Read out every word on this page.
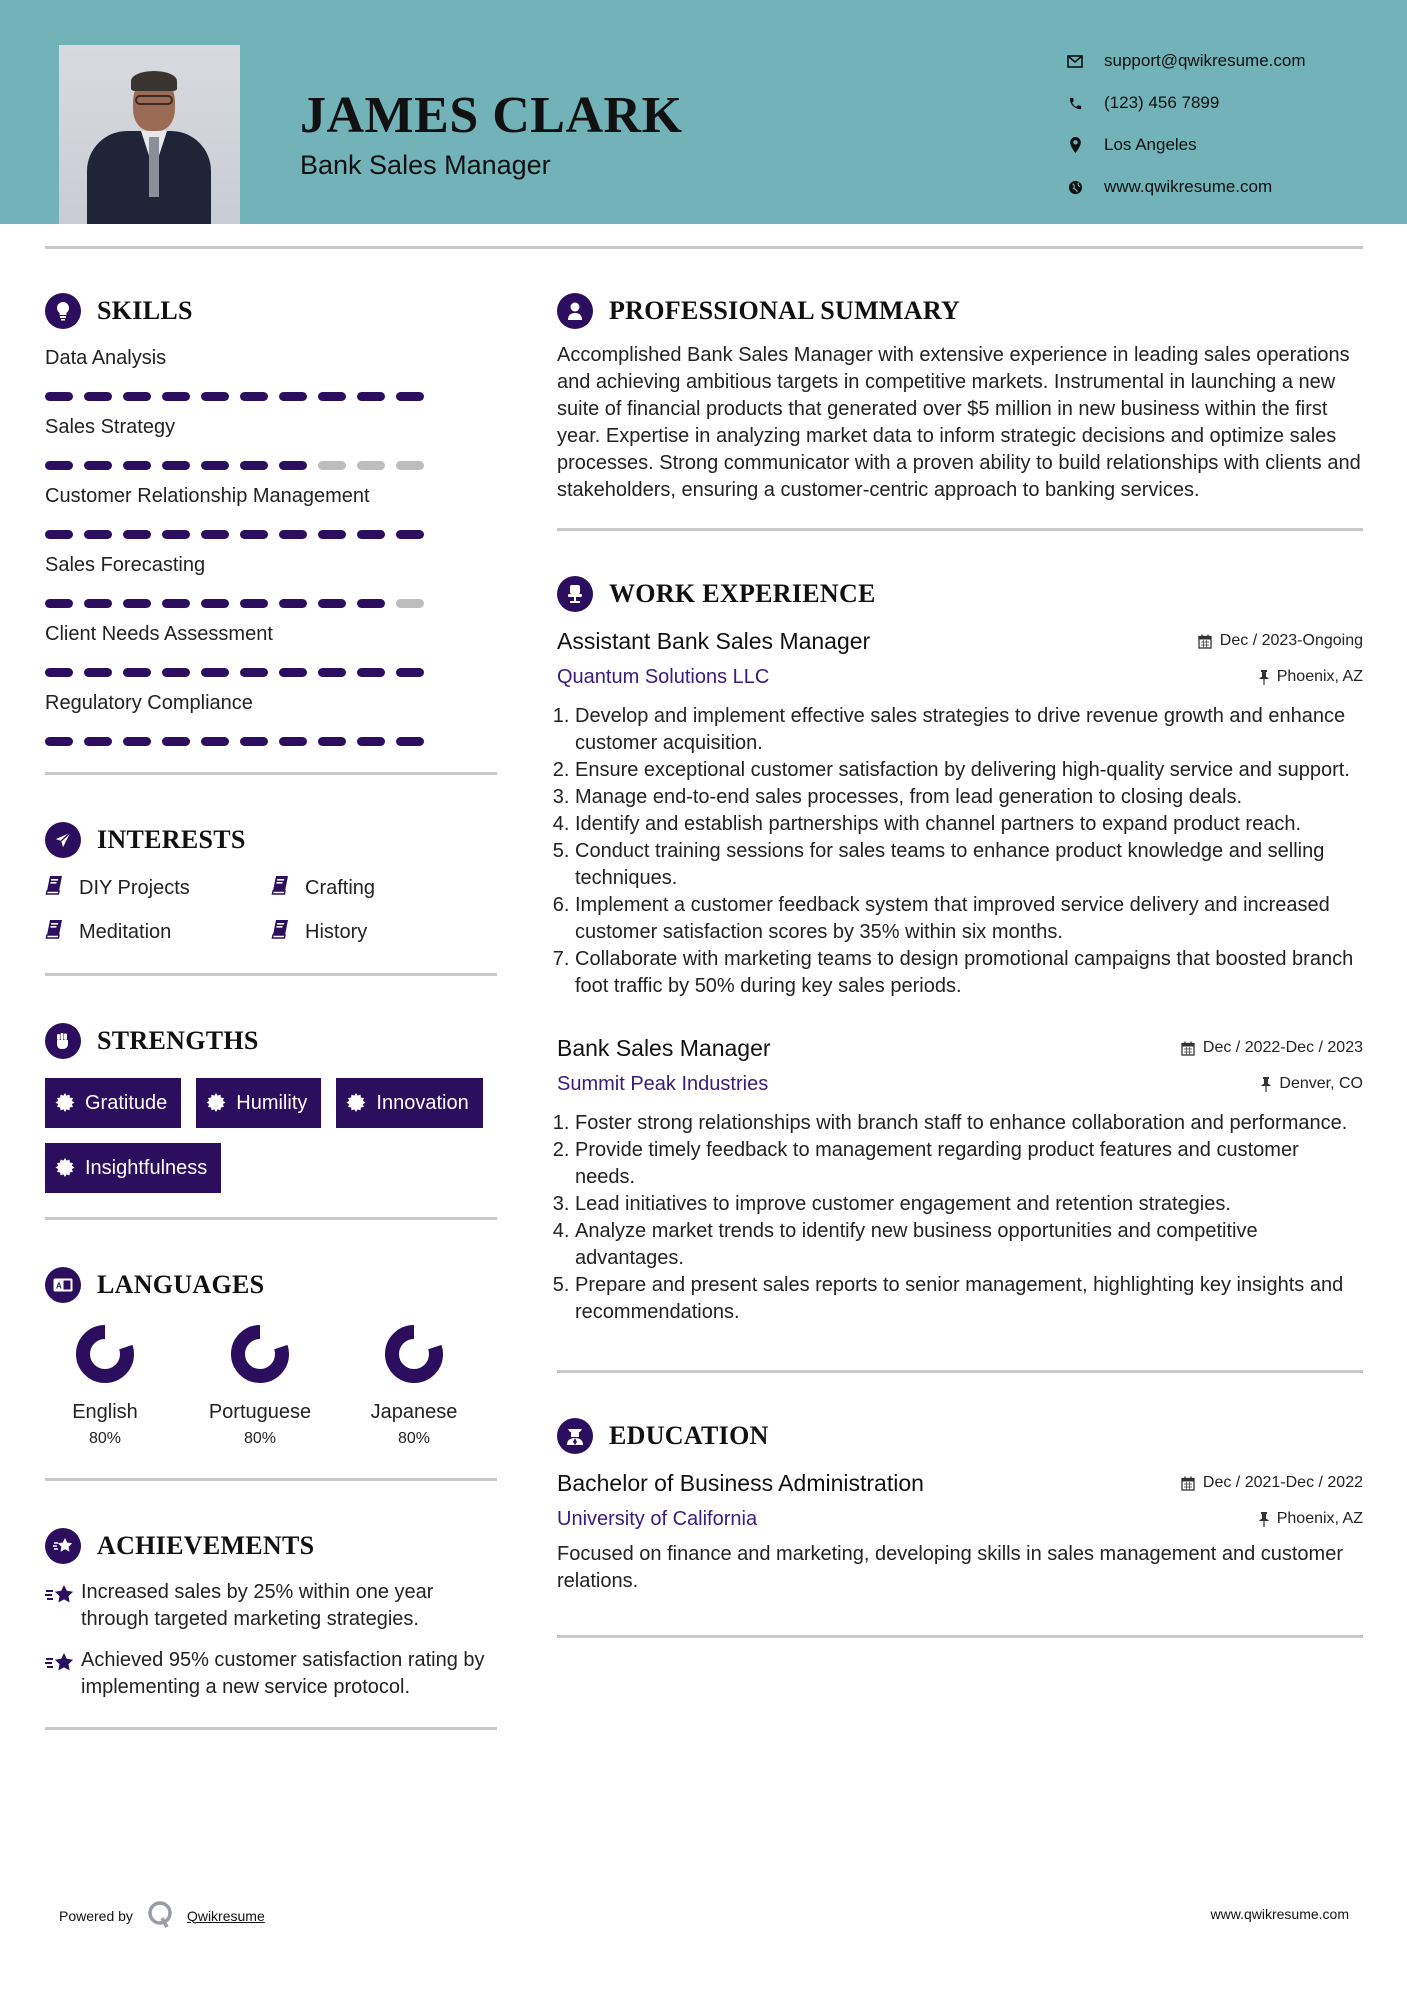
JAMES CLARK
Bank Sales Manager
support@qwikresume.com
(123) 456 7899
Los Angeles
www.qwikresume.com
SKILLS
Data Analysis
Sales Strategy
Customer Relationship Management
Sales Forecasting
Client Needs Assessment
Regulatory Compliance
INTERESTS
DIY Projects	Crafting
Meditation	History
STRENGTHS
Gratitude	Humility	Innovation
Insightfulness
A LANGUAGES
English
80%
Portuguese
80%
Japanese
80%
ACHIEVEMENTS
Increased sales by 25% within one year through targeted marketing strategies.
Achieved 95% customer satisfaction rating by implementing a new service protocol.
PROFESSIONAL SUMMARY

Accomplished Bank Sales Manager with extensive experience in leading sales operations and achieving ambitious targets in competitive markets. Instrumental in launching a new suite of financial products that generated over $5 million in new business within the first year. Expertise in analyzing market data to inform strategic decisions and optimize sales processes. Strong communicator with a proven ability to build relationships with clients and stakeholders, ensuring a customer-centric approach to banking services.

WORK EXPERIENCE
Assistant Bank Sales Manager	Dec / 2023-Ongoing
Quantum Solutions LLC	Phoenix, AZ
1. Develop and implement effective sales strategies to drive revenue growth and enhance customer acquisition.
2. Ensure exceptional customer satisfaction by delivering high-quality service and support.
3. Manage end-to-end sales processes, from lead generation to closing deals.
4. Identify and establish partnerships with channel partners to expand product reach.
5. Conduct training sessions for sales teams to enhance product knowledge and selling techniques.
6. Implement a customer feedback system that improved service delivery and increased customer satisfaction scores by 35% within six months.
7. Collaborate with marketing teams to design promotional campaigns that boosted branch foot traffic by 50% during key sales periods.
Bank Sales Manager	Dec / 2022-Dec / 2023
Summit Peak Industries	Denver, CO
1. Foster strong relationships with branch staff to enhance collaboration and performance.
2. Provide timely feedback to management regarding product features and customer needs.
3. Lead initiatives to improve customer engagement and retention strategies.
4. Analyze market trends to identify new business opportunities and competitive advantages.
5. Prepare and present sales reports to senior management, highlighting key insights and recommendations.
EDUCATION
Bachelor of Business Administration	Dec / 2021-Dec / 2022
University of California	Phoenix, AZ

Focused on finance and marketing, developing skills in sales management and customer relations.

Powered by	Qwikresume	www.qwikresume.com
